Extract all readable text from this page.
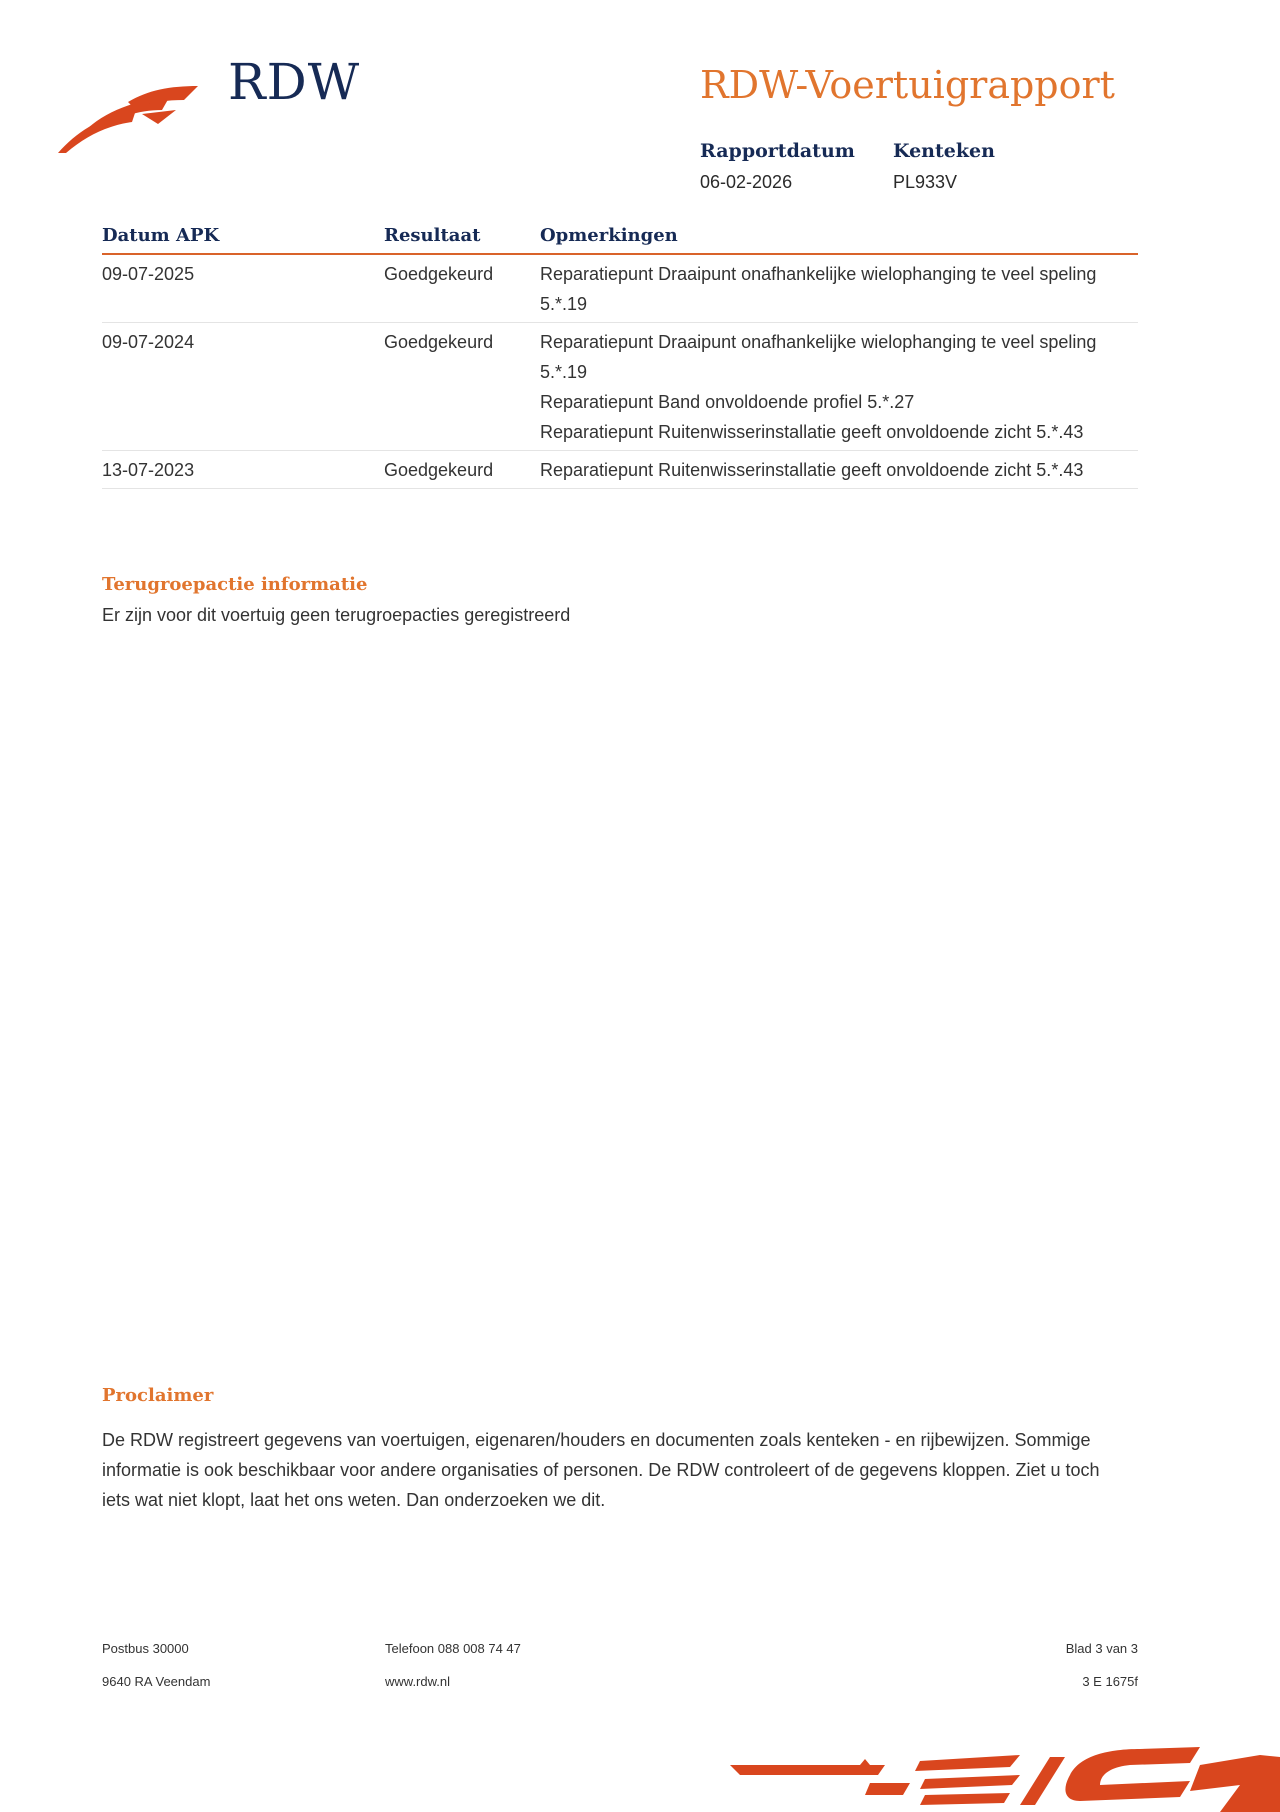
RDW	RDW-Voertuigrapport
Rapportdatum
06-02-2026
Kenteken
PL933V
Datum APK	Resultaat	Opmerkingen
09-07-2025	Goedgekeurd	Reparatiepunt Draaipunt onafhankelijke wielophanging te veel speling 5.*.19
09-07-2024	Goedgekeurd	Reparatiepunt Draaipunt onafhankelijke wielophanging te veel speling 5.*.19
Reparatiepunt Band onvoldoende profiel 5.*.27
Reparatiepunt Ruitenwisserinstallatie geeft onvoldoende zicht 5.*.43
13-07-2023	Goedgekeurd	Reparatiepunt Ruitenwisserinstallatie geeft onvoldoende zicht 5.*.43
Terugroepactie informatie
Er zijn voor dit voertuig geen terugroepacties geregistreerd
Proclaimer
De RDW registreert gegevens van voertuigen, eigenaren/houders en documenten zoals kenteken - en rijbewijzen. Sommige informatie is ook beschikbaar voor andere organisaties of personen. De RDW controleert of de gegevens kloppen. Ziet u toch iets wat niet klopt, laat het ons weten. Dan onderzoeken we dit.
Postbus 30000
9640 RA Veendam
Telefoon 088 008 74 47
www.rdw.nl
Blad 3 van 3
3 E 1675f
